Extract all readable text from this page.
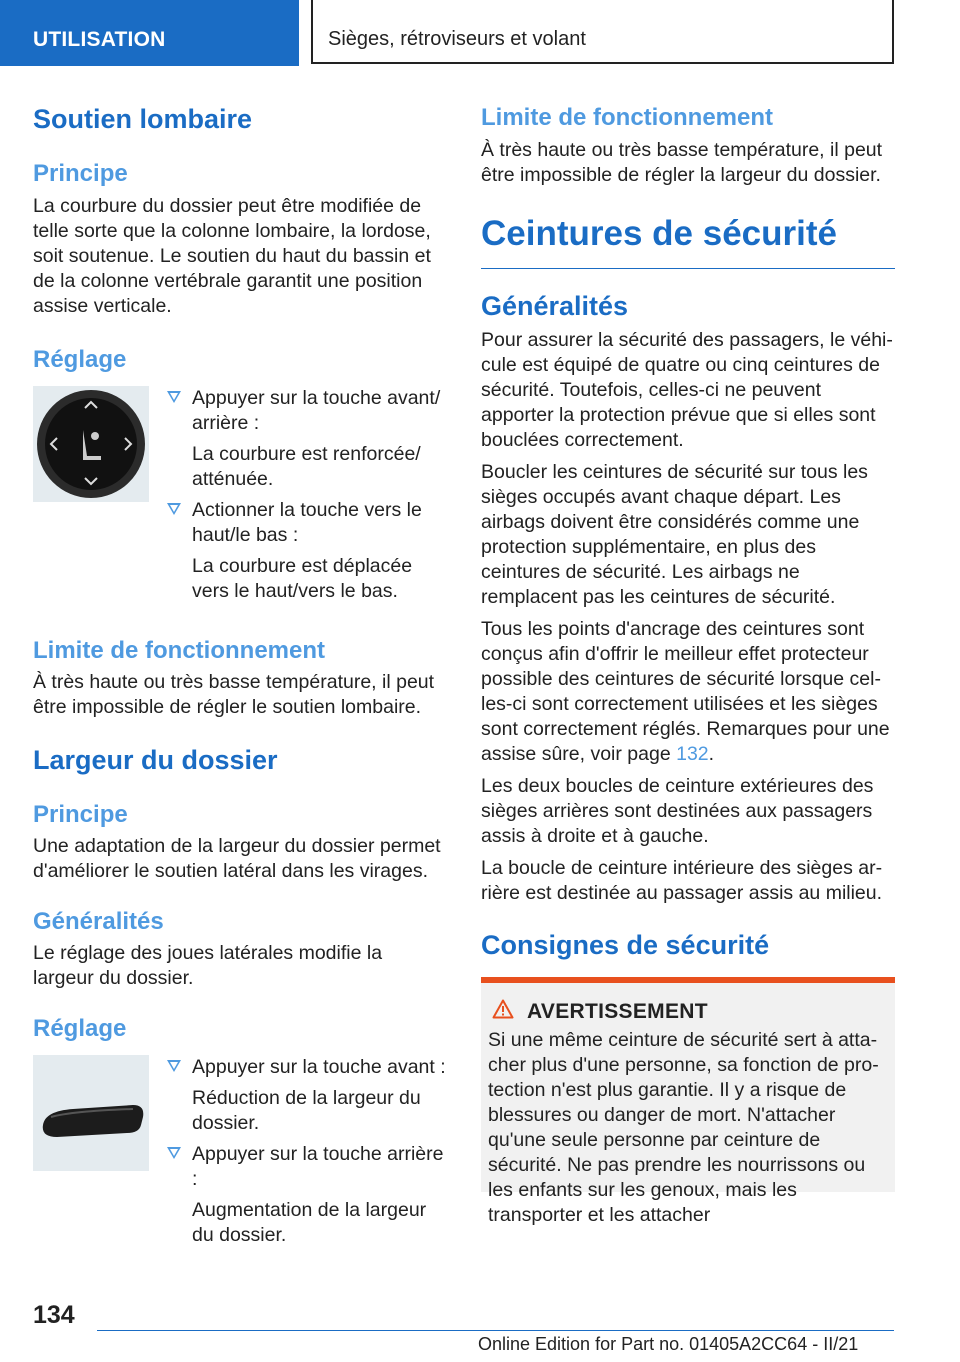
UTILISATION	Sièges, rétroviseurs et volant
Soutien lombaire
Principe

La courbure du dossier peut être modifiée de telle sorte que la colonne lombaire, la lordose, soit soutenue. Le soutien du haut du bassin et de la colonne vertébrale garantit une position assise verticale.

Réglage

Appuyer sur la touche avant/ arrière :

La courbure est renforcée/ atténuée.

Actionner la touche vers le haut/le bas :

La courbure est déplacée vers le haut/vers le bas.

Limite de fonctionnement

À très haute ou très basse température, il peut être impossible de régler le soutien lombaire.

Largeur du dossier
Principe

Une adaptation de la largeur du dossier permet d'améliorer le soutien latéral dans les virages.

Généralités

Le réglage des joues latérales modifie la largeur du dossier.

Réglage

Appuyer sur la touche avant :

Réduction de la largeur du dossier.

Appuyer sur la touche arrière :

Augmentation de la largeur du dossier.

Limite de fonctionnement

À très haute ou très basse température, il peut être impossible de régler la largeur du dossier.

Ceintures de sécurité
Généralités

Pour assurer la sécurité des passagers, le véhicule est équipé de quatre ou cinq ceintures de sécurité. Toutefois, celles-ci ne peuvent apporter la protection prévue que si elles sont bouclées correctement.

Boucler les ceintures de sécurité sur tous les sièges occupés avant chaque départ. Les airbags doivent être considérés comme une protection supplémentaire, en plus des ceintures de sécurité. Les airbags ne remplacent pas les ceintures de sécurité.

Tous les points d'ancrage des ceintures sont conçus afin d'offrir le meilleur effet protecteur possible des ceintures de sécurité lorsque celles-ci sont correctement utilisées et les sièges sont correctement réglés. Remarques pour une assise sûre, voir page 132.

Les deux boucles de ceinture extérieures des sièges arrières sont destinées aux passagers assis à droite et à gauche.

La boucle de ceinture intérieure des sièges arrière est destinée au passager assis au milieu.

Consignes de sécurité
AVERTISSEMENT

Si une même ceinture de sécurité sert à attacher plus d'une personne, sa fonction de protection n'est plus garantie. Il y a risque de blessures ou danger de mort. N'attacher qu'une seule personne par ceinture de sécurité. Ne pas prendre les nourrissons ou les enfants sur les genoux, mais les transporter et les attacher

134
Online Edition for Part no. 01405A2CC64 - II/21
